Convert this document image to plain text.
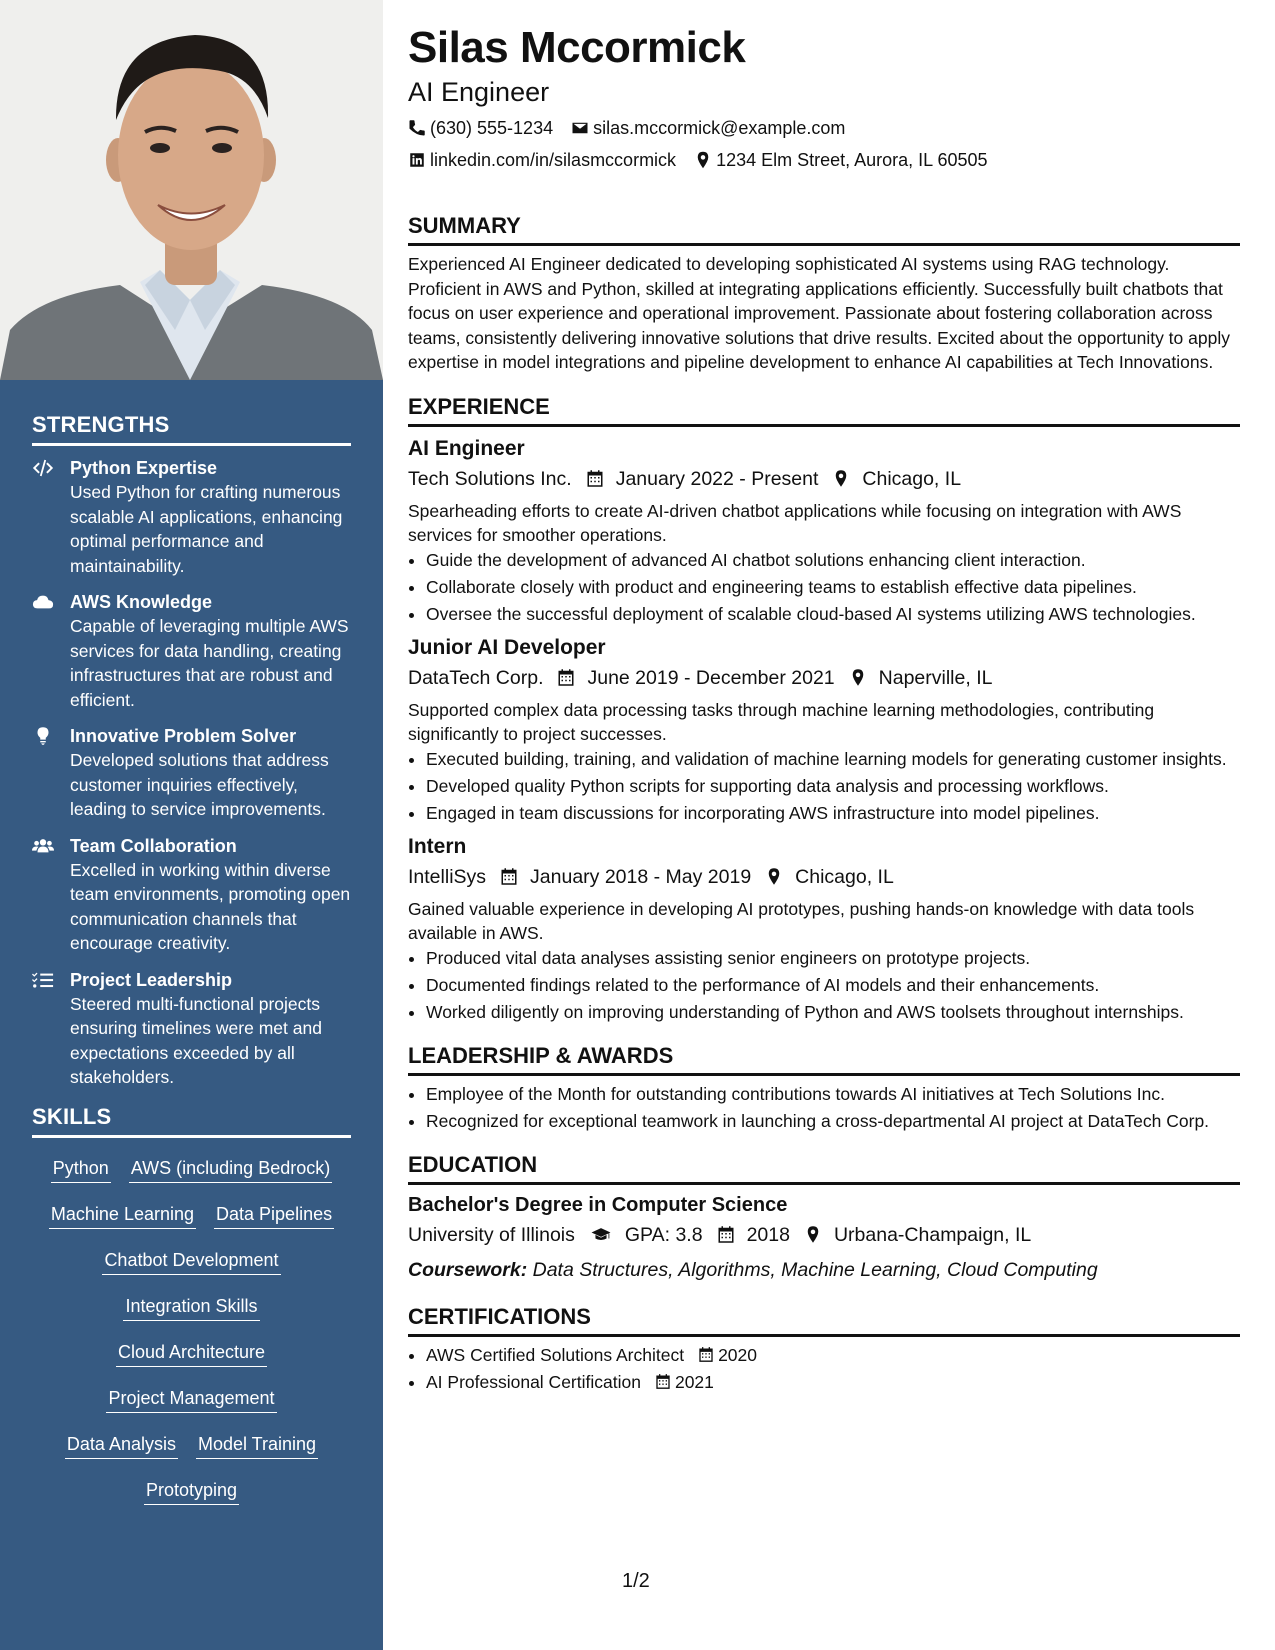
STRENGTHS
Python Expertise
Used Python for crafting numerous scalable AI applications, enhancing optimal performance and maintainability.
AWS Knowledge
Capable of leveraging multiple AWS services for data handling, creating infrastructures that are robust and efficient.
Innovative Problem Solver
Developed solutions that address customer inquiries effectively, leading to service improvements.
Team Collaboration
Excelled in working within diverse team environments, promoting open communication channels that encourage creativity.
Project Leadership
Steered multi-functional projects ensuring timelines were met and expectations exceeded by all stakeholders.
SKILLS
Python AWS (including Bedrock)
Machine Learning Data Pipelines
Chatbot Development
Integration Skills
Cloud Architecture
Project Management
Data Analysis Model Training
Prototyping
Silas Mccormick
AI Engineer
(630) 555-1234 silas.mccormick@example.com
linkedin.com/in/silasmccormick 1234 Elm Street, Aurora, IL 60505
SUMMARY
Experienced AI Engineer dedicated to developing sophisticated AI systems using RAG technology. Proficient in AWS and Python, skilled at integrating applications efficiently. Successfully built chatbots that focus on user experience and operational improvement. Passionate about fostering collaboration across teams, consistently delivering innovative solutions that drive results. Excited about the opportunity to apply expertise in model integrations and pipeline development to enhance AI capabilities at Tech Innovations.
EXPERIENCE
AI Engineer
Tech Solutions Inc. January 2022 - Present Chicago, IL
Spearheading efforts to create AI-driven chatbot applications while focusing on integration with AWS services for smoother operations.
• Guide the development of advanced AI chatbot solutions enhancing client interaction.
• Collaborate closely with product and engineering teams to establish effective data pipelines.
• Oversee the successful deployment of scalable cloud-based AI systems utilizing AWS technologies.
Junior AI Developer
DataTech Corp. June 2019 - December 2021 Naperville, IL
Supported complex data processing tasks through machine learning methodologies, contributing significantly to project successes.
• Executed building, training, and validation of machine learning models for generating customer insights.
• Developed quality Python scripts for supporting data analysis and processing workflows.
• Engaged in team discussions for incorporating AWS infrastructure into model pipelines.
Intern
IntelliSys January 2018 - May 2019 Chicago, IL
Gained valuable experience in developing AI prototypes, pushing hands-on knowledge with data tools available in AWS.
• Produced vital data analyses assisting senior engineers on prototype projects.
• Documented findings related to the performance of AI models and their enhancements.
• Worked diligently on improving understanding of Python and AWS toolsets throughout internships.
LEADERSHIP & AWARDS
• Employee of the Month for outstanding contributions towards AI initiatives at Tech Solutions Inc.
• Recognized for exceptional teamwork in launching a cross-departmental AI project at DataTech Corp.
EDUCATION
Bachelor's Degree in Computer Science
University of Illinois	GPA: 3.8 2018 Urbana-Champaign, IL
Coursework: Data Structures, Algorithms, Machine Learning, Cloud Computing
CERTIFICATIONS
• AWS Certified Solutions Architect 2020
• AI Professional Certification 2021
1/2
